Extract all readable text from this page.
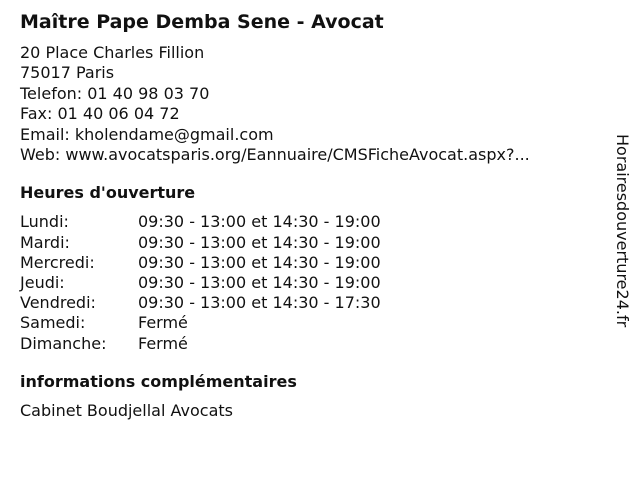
Maître Pape Demba Sene - Avocat
20 Place Charles Fillion
75017 Paris
Telefon: 01 40 98 03 70
Fax: 01 40 06 04 72
Email: kholendame@gmail.com
Web: www.avocatsparis.org/Eannuaire/CMSFicheAvocat.aspx?...
Heures d'ouverture
Lundi:	09:30 - 13:00 et 14:30 - 19:00
Mardi:	09:30 - 13:00 et 14:30 - 19:00
Mercredi:	09:30 - 13:00 et 14:30 - 19:00
Jeudi:	09:30 - 13:00 et 14:30 - 19:00
Vendredi:	09:30 - 13:00 et 14:30 - 17:30
Samedi:	Fermé
Dimanche:	Fermé
informations complémentaires
Cabinet Boudjellal Avocats
Horairesdouverture24.fr
